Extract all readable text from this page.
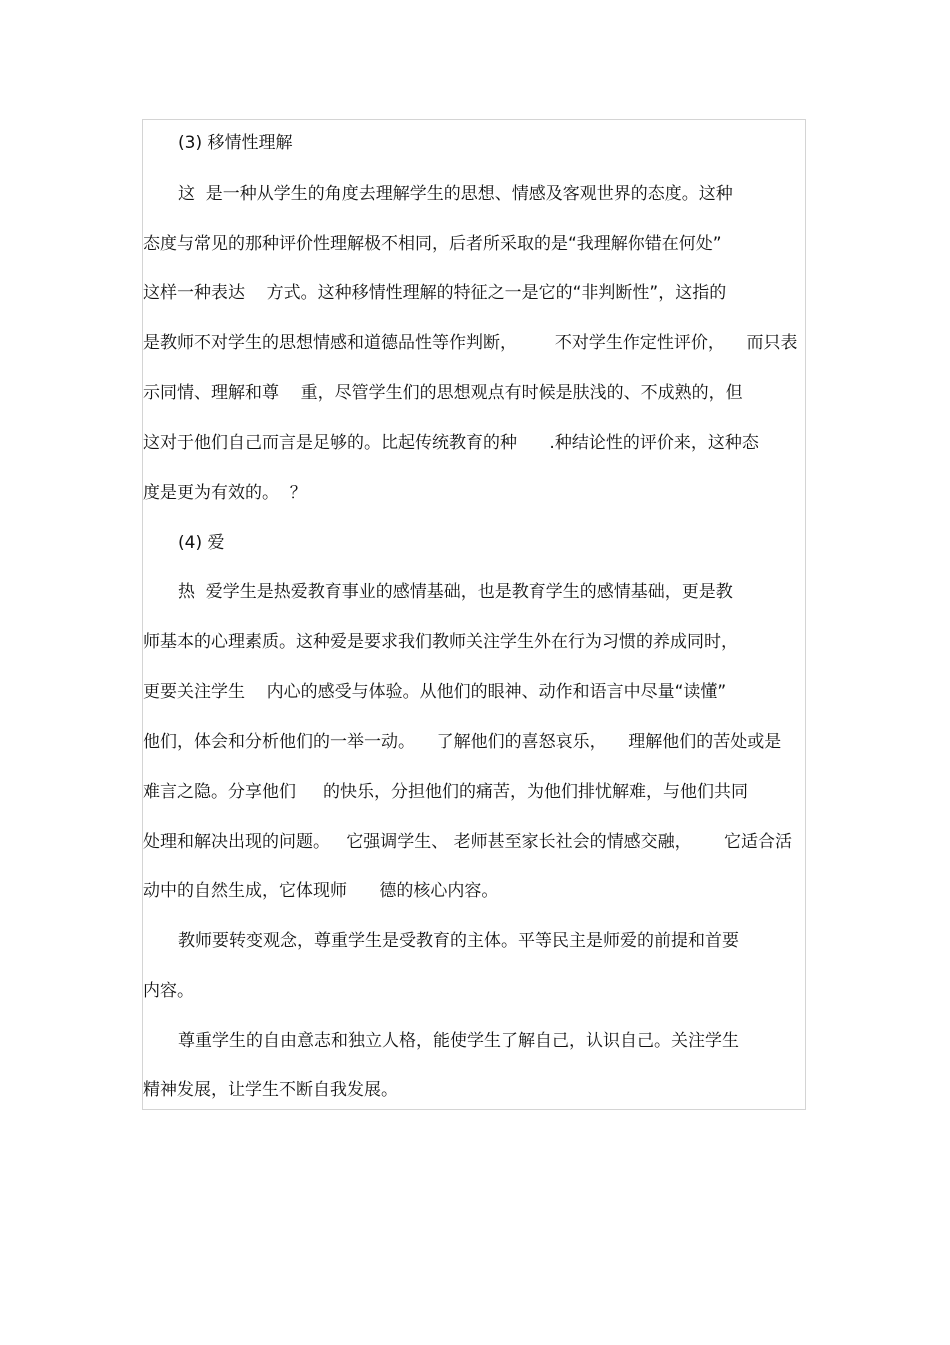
(3) 移情性理解
这  是一种从学生的角度去理解学生的思想、情感及客观世界的态度。这种
态度与常见的那种评价性理解极不相同，后者所采取的是“我理解你错在何处”
这样一种表达    方式。这种移情性理解的特征之一是它的“非判断性”，这指的
是教师不对学生的思想情感和道德品性等作判断，       不对学生作定性评价，    而只表
示同情、理解和尊    重，尽管学生们的思想观点有时候是肤浅的、不成熟的，但
这对于他们自己而言是足够的。比起传统教育的种      .种结论性的评价来，这种态
度是更为有效的。  ？
(4) 爱
热  爱学生是热爱教育事业的感情基础，也是教育学生的感情基础，更是教
师基本的心理素质。这种爱是要求我们教师关注学生外在行为习惯的养成同时，
更要关注学生    内心的感受与体验。从他们的眼神、动作和语言中尽量“读懂”
他们，体会和分析他们的一举一动。    了解他们的喜怒哀乐，    理解他们的苦处或是
难言之隐。分享他们     的快乐，分担他们的痛苦，为他们排忧解难，与他们共同
处理和解决出现的问题。   它强调学生、 老师甚至家长社会的情感交融，      它适合活
动中的自然生成，它体现师      德的核心内容。
教师要转变观念，尊重学生是受教育的主体。平等民主是师爱的前提和首要
内容。
尊重学生的自由意志和独立人格，能使学生了解自己，认识自己。关注学生
精神发展，让学生不断自我发展。
